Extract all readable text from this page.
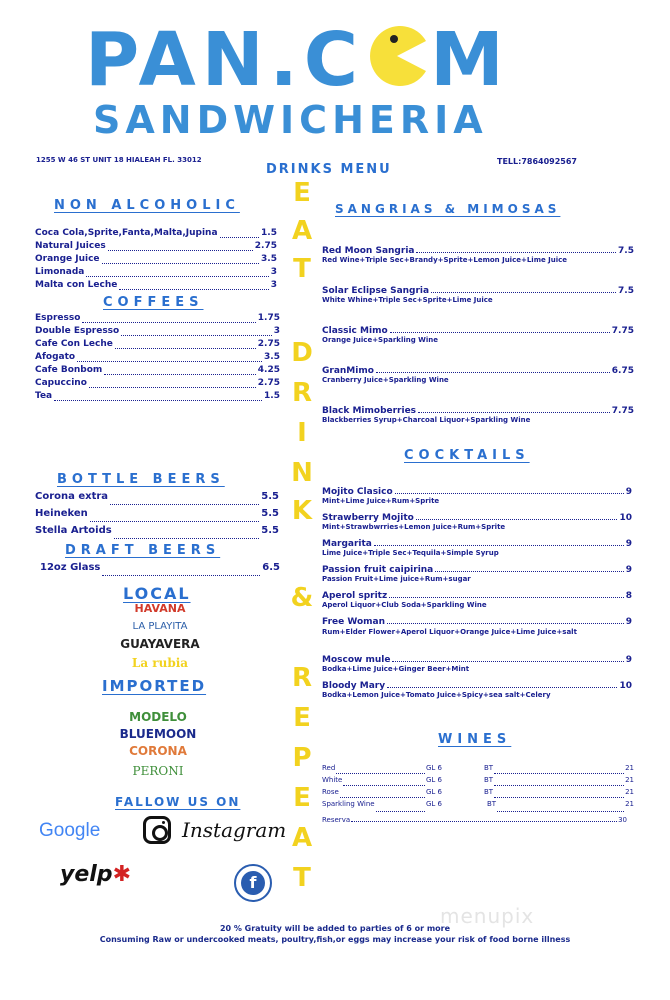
PAN.C M
SANDWICHERIA
1255 W 46 ST UNIT 18 HIALEAH FL. 33012
DRINKS MENU
TELL:7864092567
E
A
T
D
R
I
N
K
&
R
E
P
E
A
T
NON ALCOHOLIC
Coca Cola,Sprite,Fanta,Malta,Jupina	1.5
Natural Juices	2.75
Orange Juice	3.5
Limonada	3
Malta con Leche	3
COFFEES
Espresso	1.75
Double Espresso	3
Cafe Con Leche	2.75
Afogato	3.5
Cafe Bonbom	4.25
Capuccino	2.75
Tea	1.5
BOTTLE BEERS
Corona extra	5.5
Heineken	5.5
Stella Artoids	5.5
DRAFT BEERS
12oz Glass	6.5
LOCAL
HAVANA
LA PLAYITA
GUAYAVERA
La rubia
IMPORTED
MODELO
BLUEMOON
CORONA
PERONI
FALLOW US ON
Google	Instagram
yelp✱	f
SANGRIAS & MIMOSAS
Red Moon Sangria	7.5
Red Wine+Triple Sec+Brandy+Sprite+Lemon Juice+Lime Juice
Solar Eclipse Sangria	7.5
White Whine+Triple Sec+Sprite+Lime Juice
Classic Mimo	7.75
Orange Juice+Sparkling Wine
GranMimo	6.75
Cranberry Juice+Sparkling Wine
Black Mimoberries	7.75
Blackberries Syrup+Charcoal Liquor+Sparkling Wine
COCKTAILS
Mojito Clasico	9
Mint+Lime Juice+Rum+Sprite
Strawberry Mojito	10
Mint+Strawbwrries+Lemon Juice+Rum+Sprite
Margarita	9
Lime Juice+Triple Sec+Tequila+Simple Syrup
Passion fruit caipirina	9
Passion Fruit+Lime juice+Rum+sugar
Aperol spritz	8
Aperol Liquor+Club Soda+Sparkling Wine
Free Woman	9
Rum+Elder Flower+Aperol Liquor+Orange Juice+Lime Juice+salt
Moscow mule	9
Bodka+Lime Juice+Ginger Beer+Mint
Bloody Mary	10
Bodka+Lemon Juice+Tomato Juice+Spicy+sea salt+Celery
WINES
Red	GL 6	BT	21
White	GL 6	BT	21
Rose	GL 6	BT	21
Sparkling Wine	GL 6	BT	21
Reserva	30
menupix
20 % Gratuity will be added to parties of 6 or more
Consuming Raw or undercooked meats, poultry,fish,or eggs may increase your risk of food borne illness
